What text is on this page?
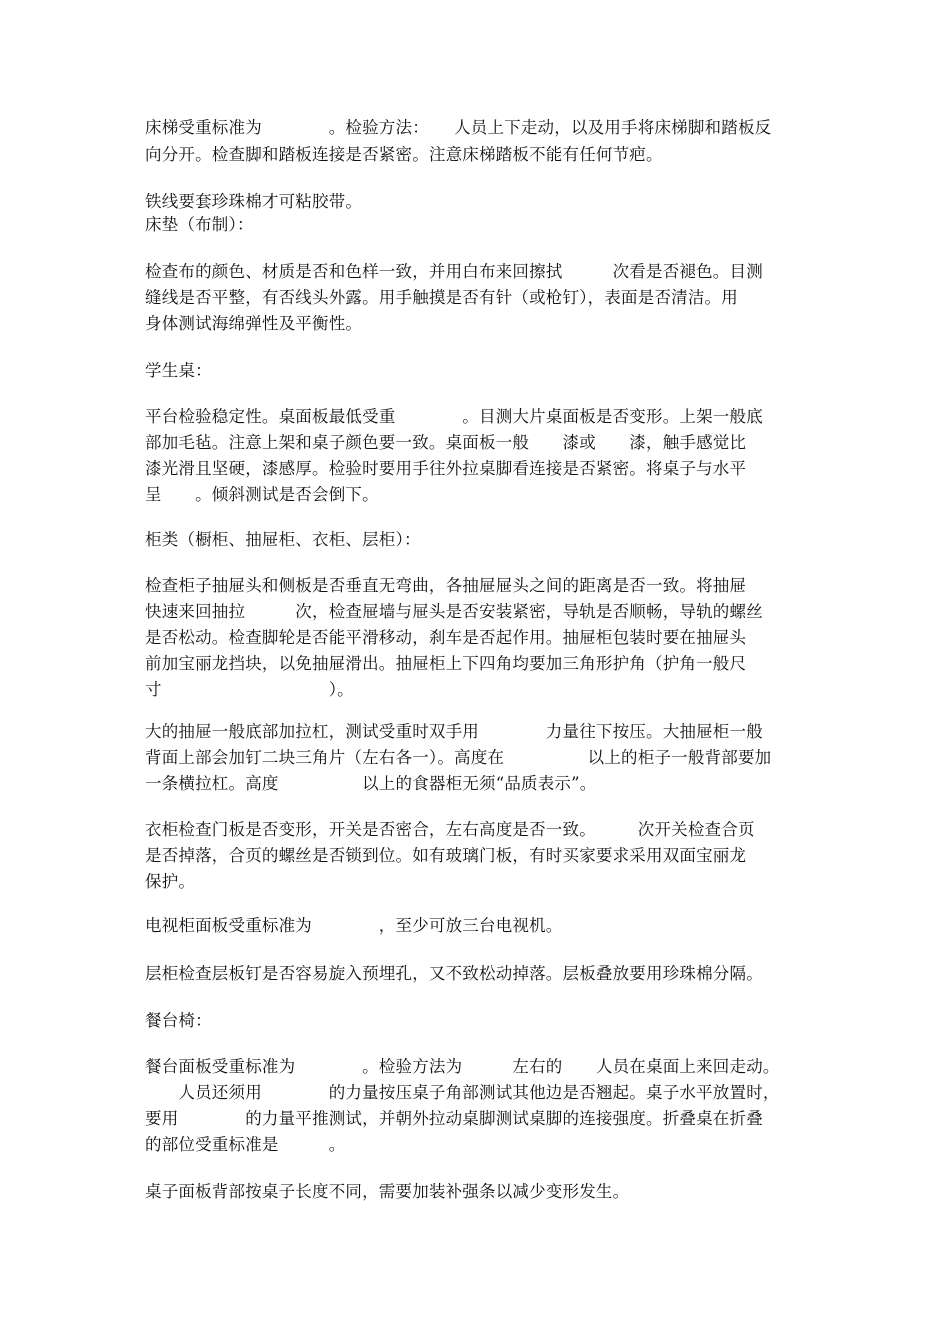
床梯受重标准为　　　　。检验方法：　　人员上下走动，以及用手将床梯脚和踏板反
向分开。检查脚和踏板连接是否紧密。注意床梯踏板不能有任何节疤。
铁线要套珍珠棉才可粘胶带。
床垫（布制）：
检查布的颜色、材质是否和色样一致，并用白布来回擦拭　　　次看是否褪色。目测
缝线是否平整，有否线头外露。用手触摸是否有针（或枪钉），表面是否清洁。用
身体测试海绵弹性及平衡性。
学生桌：
平台检验稳定性。桌面板最低受重　　　　。目测大片桌面板是否变形。上架一般底
部加毛毡。注意上架和桌子颜色要一致。桌面板一般　　漆或　　漆，触手感觉比
漆光滑且坚硬，漆感厚。检验时要用手往外拉桌脚看连接是否紧密。将桌子与水平
呈　　。倾斜测试是否会倒下。
柜类（橱柜、抽屉柜、衣柜、层柜）：
检查柜子抽屉头和侧板是否垂直无弯曲，各抽屉屉头之间的距离是否一致。将抽屉
快速来回抽拉　　　次，检查屉墙与屉头是否安装紧密，导轨是否顺畅，导轨的螺丝
是否松动。检查脚轮是否能平滑移动，刹车是否起作用。抽屉柜包装时要在抽屉头
前加宝丽龙挡块，以免抽屉滑出。抽屉柜上下四角均要加三角形护角（护角一般尺
寸　　　　　　　　　　）。
大的抽屉一般底部加拉杠，测试受重时双手用　　　　力量往下按压。大抽屉柜一般
背面上部会加钉二块三角片（左右各一）。高度在　　　　　以上的柜子一般背部要加
一条横拉杠。高度　　　　　以上的食器柜无须“品质表示”。
衣柜检查门板是否变形，开关是否密合，左右高度是否一致。　　　次开关检查合页
是否掉落，合页的螺丝是否锁到位。如有玻璃门板，有时买家要求采用双面宝丽龙
保护。
电视柜面板受重标准为　　　　，至少可放三台电视机。
层柜检查层板钉是否容易旋入预埋孔，又不致松动掉落。层板叠放要用珍珠棉分隔。
餐台椅：
餐台面板受重标准为　　　　。检验方法为　　　左右的　　人员在桌面上来回走动。
　　人员还须用　　　　的力量按压桌子角部测试其他边是否翘起。桌子水平放置时，
要用　　　　的力量平推测试，并朝外拉动桌脚测试桌脚的连接强度。折叠桌在折叠
的部位受重标准是　　　。
桌子面板背部按桌子长度不同，需要加装补强条以减少变形发生。
